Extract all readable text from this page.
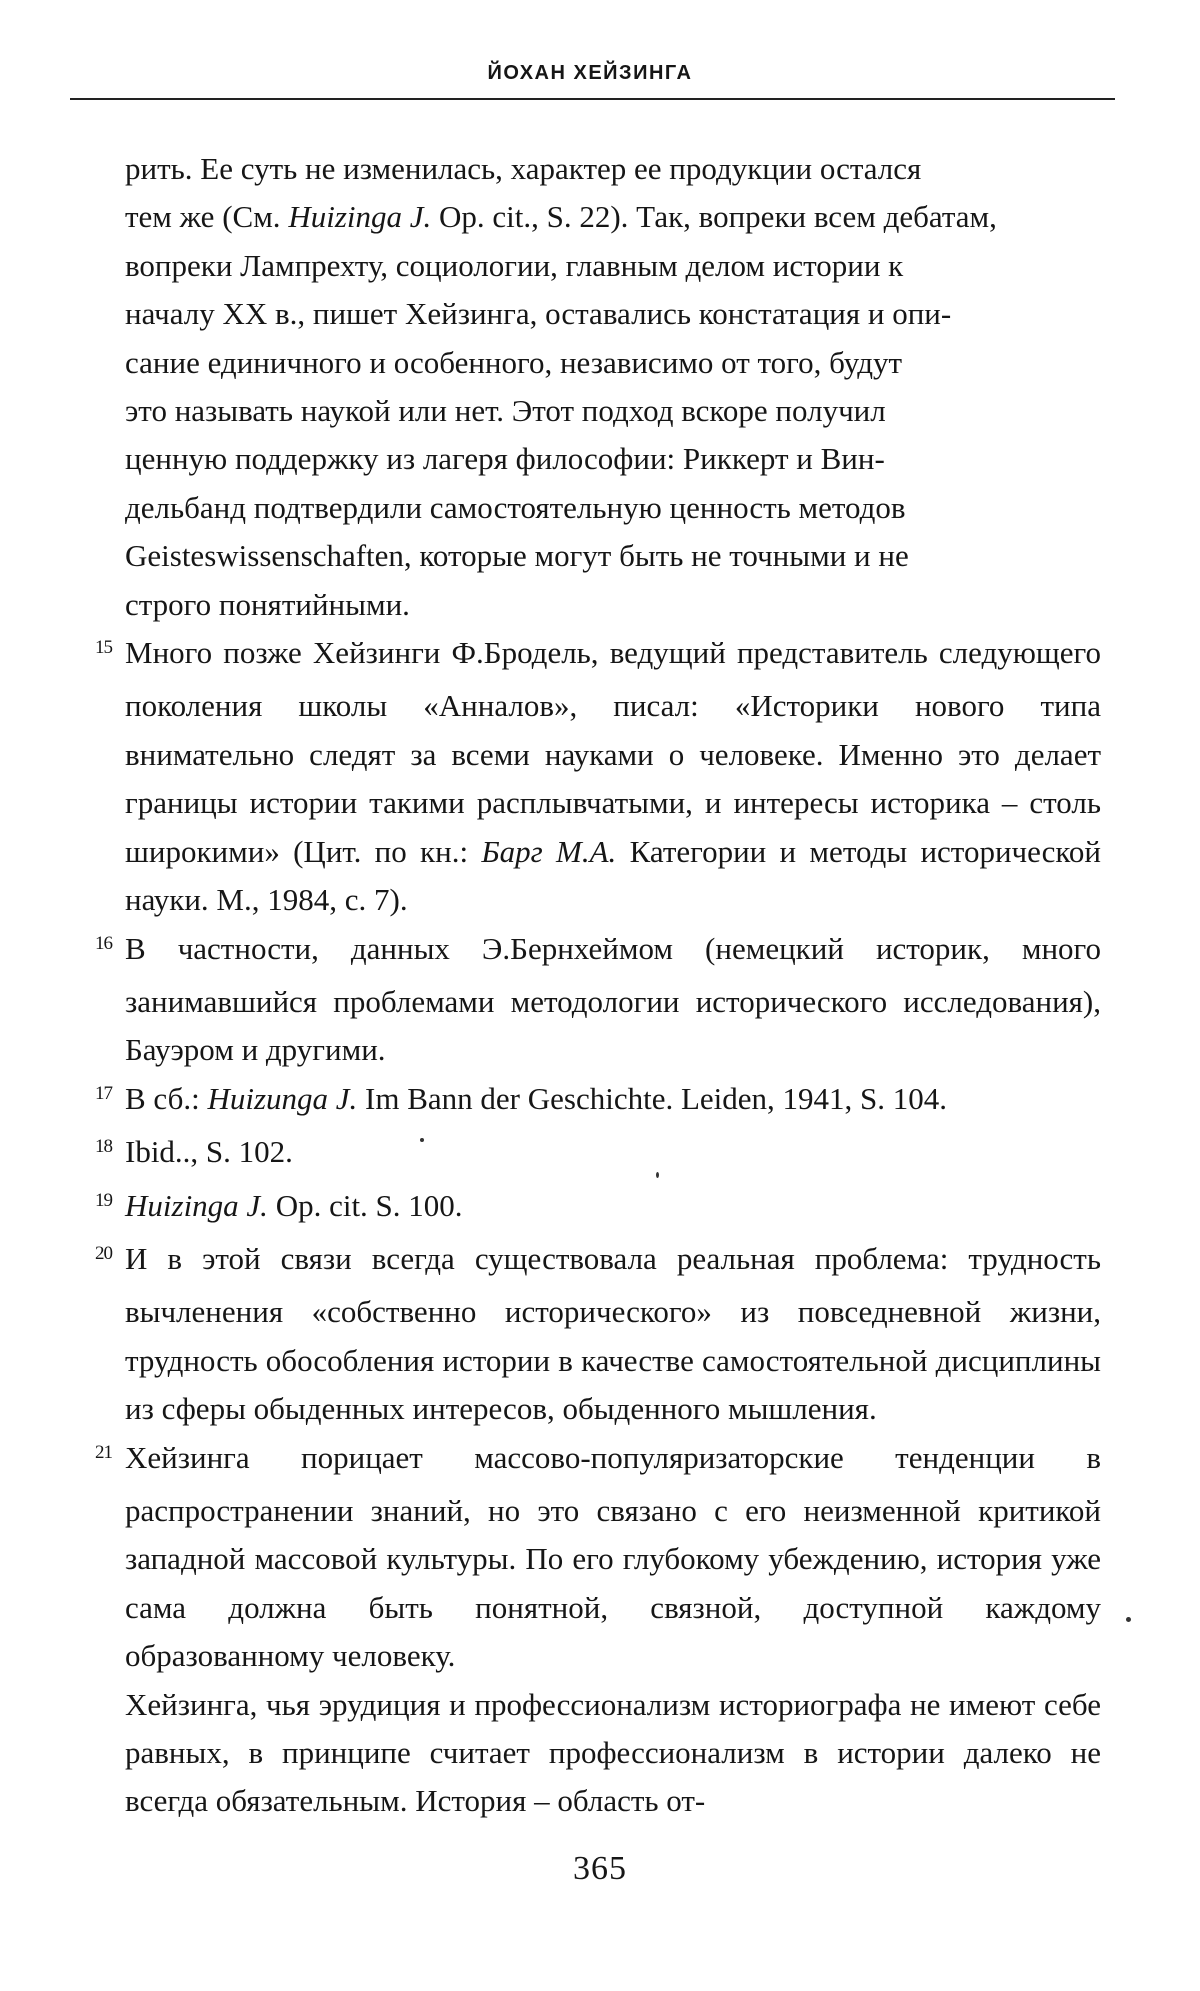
ЙОХАН ХЕЙЗИНГА
рить. Ее суть не изменилась, характер ее продукции остался
тем же (См. Huizinga J. Op. cit., S. 22). Так, вопреки всем дебатам,
вопреки Лампрехту, социологии, главным делом истории к
началу XX в., пишет Хейзинга, оставались констатация и опи-
сание единичного и особенного, независимо от того, будут
это называть наукой или нет. Этот подход вскоре получил
ценную поддержку из лагеря философии: Риккерт и Вин-
дельбанд подтвердили самостоятельную ценность методов
Geisteswissenschaften, которые могут быть не точными и не
строго понятийными.

15 Много позже Хейзинги Ф.Бродель, ведущий представитель следующего поколения школы «Анналов», писал: «Историки нового типа внимательно следят за всеми науками о человеке. Именно это делает границы истории такими расплывчатыми, и интересы историка – столь широкими» (Цит. по кн.: Барг М.А. Категории и методы исторической науки. М., 1984, с. 7).

16 В частности, данных Э.Бернхеймом (немецкий историк, много занимавшийся проблемами методологии исторического исследования), Бауэром и другими.

17 В сб.: Huizunga J. Im Bann der Geschichte. Leiden, 1941, S. 104.

18 Ibid.., S. 102.

19 Huizinga J. Op. cit. S. 100.

20 И в этой связи всегда существовала реальная проблема: трудность вычленения «собственно исторического» из повседневной жизни, трудность обособления истории в качестве самостоятельной дисциплины из сферы обыденных интересов, обыденного мышления.

21 Хейзинга порицает массово-популяризаторские тенденции в распространении знаний, но это связано с его неизменной критикой западной массовой культуры. По его глубокому убеждению, история уже сама должна быть понятной, связной, доступной каждому образованному человеку.

Хейзинга, чья эрудиция и профессионализм историографа не имеют себе равных, в принципе считает профессионализм в истории далеко не всегда обязательным. История – область от-

365
